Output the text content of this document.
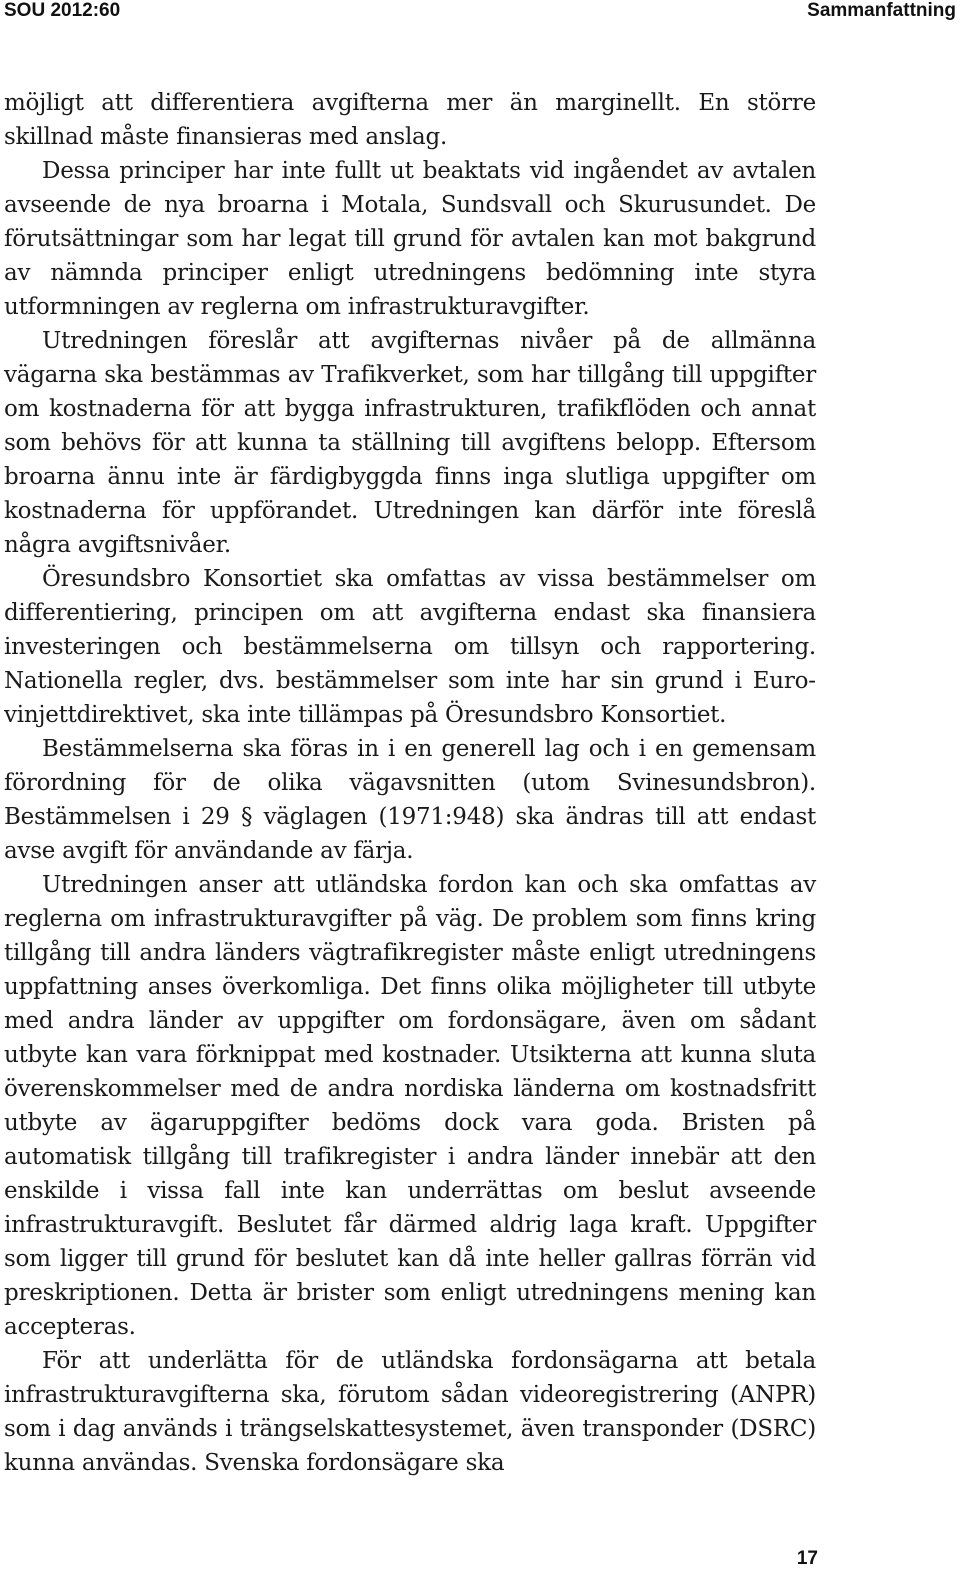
SOU 2012:60	Sammanfattning

möjligt att differentiera avgifterna mer än marginellt. En större skillnad måste finansieras med anslag.

Dessa principer har inte fullt ut beaktats vid ingåendet av avtalen avseende de nya broarna i Motala, Sundsvall och Skurusundet. De förutsättningar som har legat till grund för avtalen kan mot bakgrund av nämnda principer enligt utredningens bedömning inte styra utformningen av reglerna om infrastrukturavgifter.

Utredningen föreslår att avgifternas nivåer på de allmänna vägarna ska bestämmas av Trafikverket, som har tillgång till uppgifter om kostnaderna för att bygga infrastrukturen, trafikflöden och annat som behövs för att kunna ta ställning till avgiftens belopp. Eftersom broarna ännu inte är färdigbyggda finns inga slutliga uppgifter om kostnaderna för uppförandet. Utredningen kan därför inte föreslå några avgiftsnivåer.

Öresundsbro Konsortiet ska omfattas av vissa bestämmelser om differentiering, principen om att avgifterna endast ska finansiera investeringen och bestämmelserna om tillsyn och rapportering. Nationella regler, dvs. bestämmelser som inte har sin grund i Eurovinjettdirektivet, ska inte tillämpas på Öresundsbro Konsortiet.

Bestämmelserna ska föras in i en generell lag och i en gemensam förordning för de olika vägavsnitten (utom Svinesundsbron). Bestämmelsen i 29 § väglagen (1971:948) ska ändras till att endast avse avgift för användande av färja.

Utredningen anser att utländska fordon kan och ska omfattas av reglerna om infrastrukturavgifter på väg. De problem som finns kring tillgång till andra länders vägtrafikregister måste enligt utredningens uppfattning anses överkomliga. Det finns olika möjligheter till utbyte med andra länder av uppgifter om fordonsägare, även om sådant utbyte kan vara förknippat med kostnader. Utsikterna att kunna sluta överenskommelser med de andra nordiska länderna om kostnadsfritt utbyte av ägaruppgifter bedöms dock vara goda. Bristen på automatisk tillgång till trafikregister i andra länder innebär att den enskilde i vissa fall inte kan underrättas om beslut avseende infrastrukturavgift. Beslutet får därmed aldrig laga kraft. Uppgifter som ligger till grund för beslutet kan då inte heller gallras förrän vid preskriptionen. Detta är brister som enligt utredningens mening kan accepteras.

För att underlätta för de utländska fordonsägarna att betala infrastrukturavgifterna ska, förutom sådan videoregistrering (ANPR) som i dag används i trängselskattesystemet, även transponder (DSRC) kunna användas. Svenska fordonsägare ska

17
